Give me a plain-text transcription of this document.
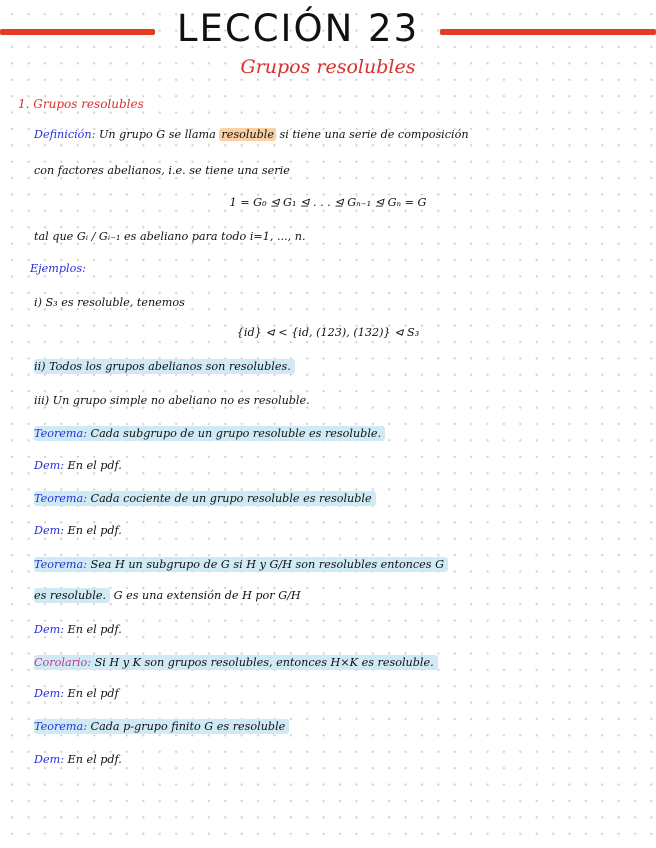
LECCIÓN 23
Grupos resolubles
1. Grupos resolubles
Definición: Un grupo G se llama resoluble si tiene una serie de composición
con factores abelianos, i.e. se tiene una serie
1 = G₀ ⊴ G₁ ⊴ . . . ⊴ Gₙ₋₁ ⊴ Gₙ = G
tal que Gᵢ / Gᵢ₋₁ es abeliano para todo i=1, ..., n.
Ejemplos:
i) S₃ es resoluble, tenemos
{id} ⊲ < {id, (123), (132)} ⊲ S₃
ii) Todos los grupos abelianos son resolubles.
iii) Un grupo simple no abeliano no es resoluble.
Teorema: Cada subgrupo de un grupo resoluble es resoluble.
Dem: En el pdf.
Teorema: Cada cociente de un grupo resoluble es resoluble
Dem: En el pdf.
Teorema: Sea H un subgrupo de G si H y G/H son resolubles entonces G
es resoluble. G es una extensión de H por G/H
Dem: En el pdf.
Corolario: Si H y K son grupos resolubles, entonces H×K es resoluble.
Dem: En el pdf
Teorema: Cada p-grupo finito G es resoluble
Dem: En el pdf.
